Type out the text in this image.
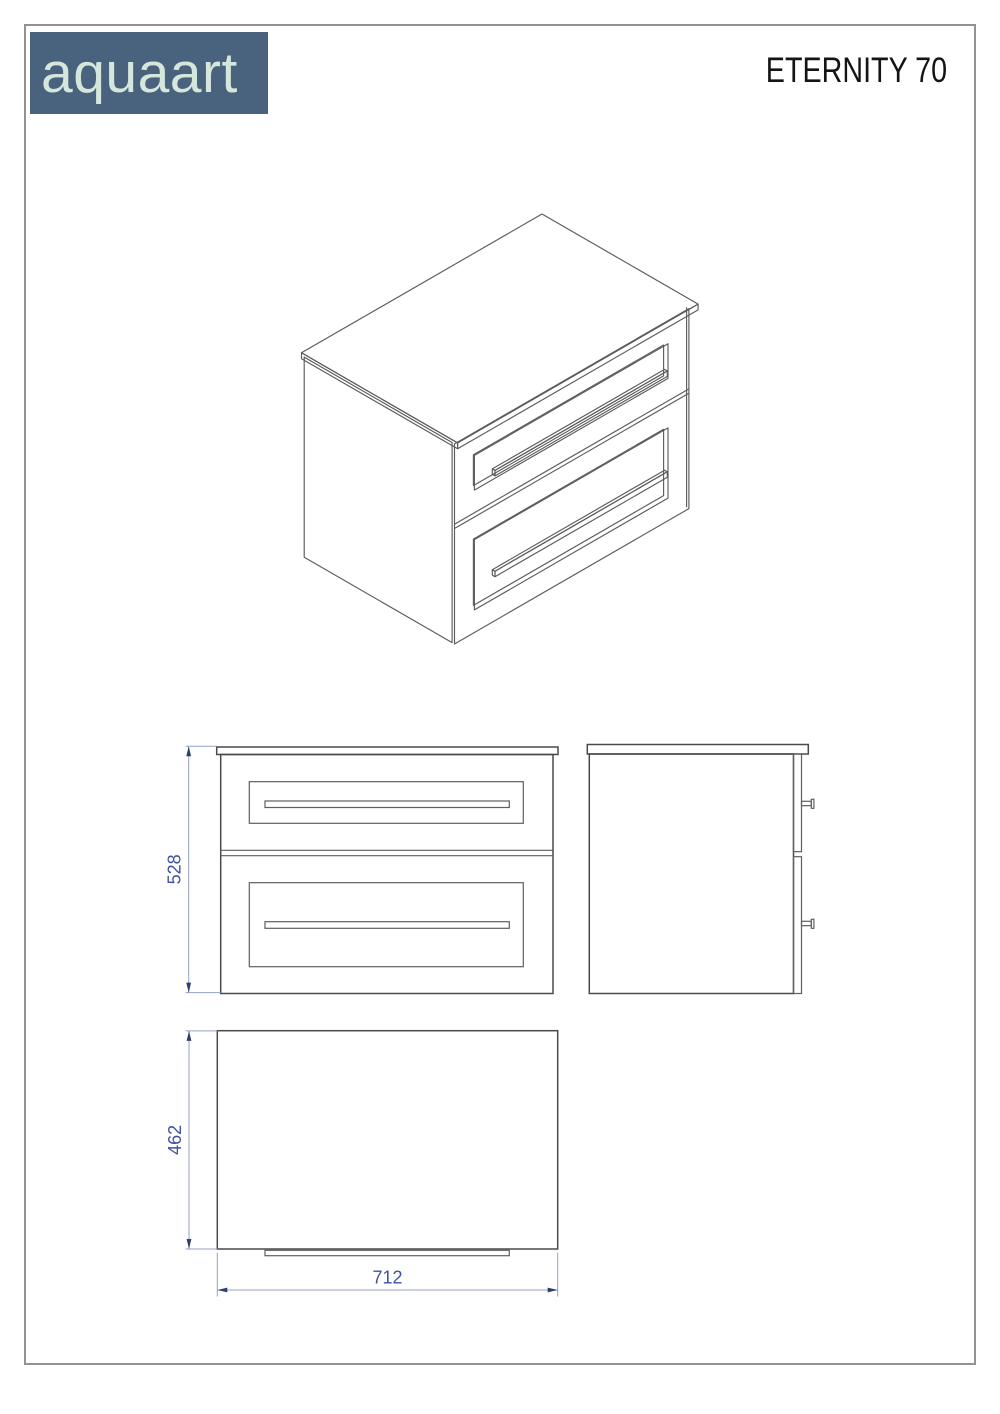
aquaart	ETERNITY 70
528
462
712
